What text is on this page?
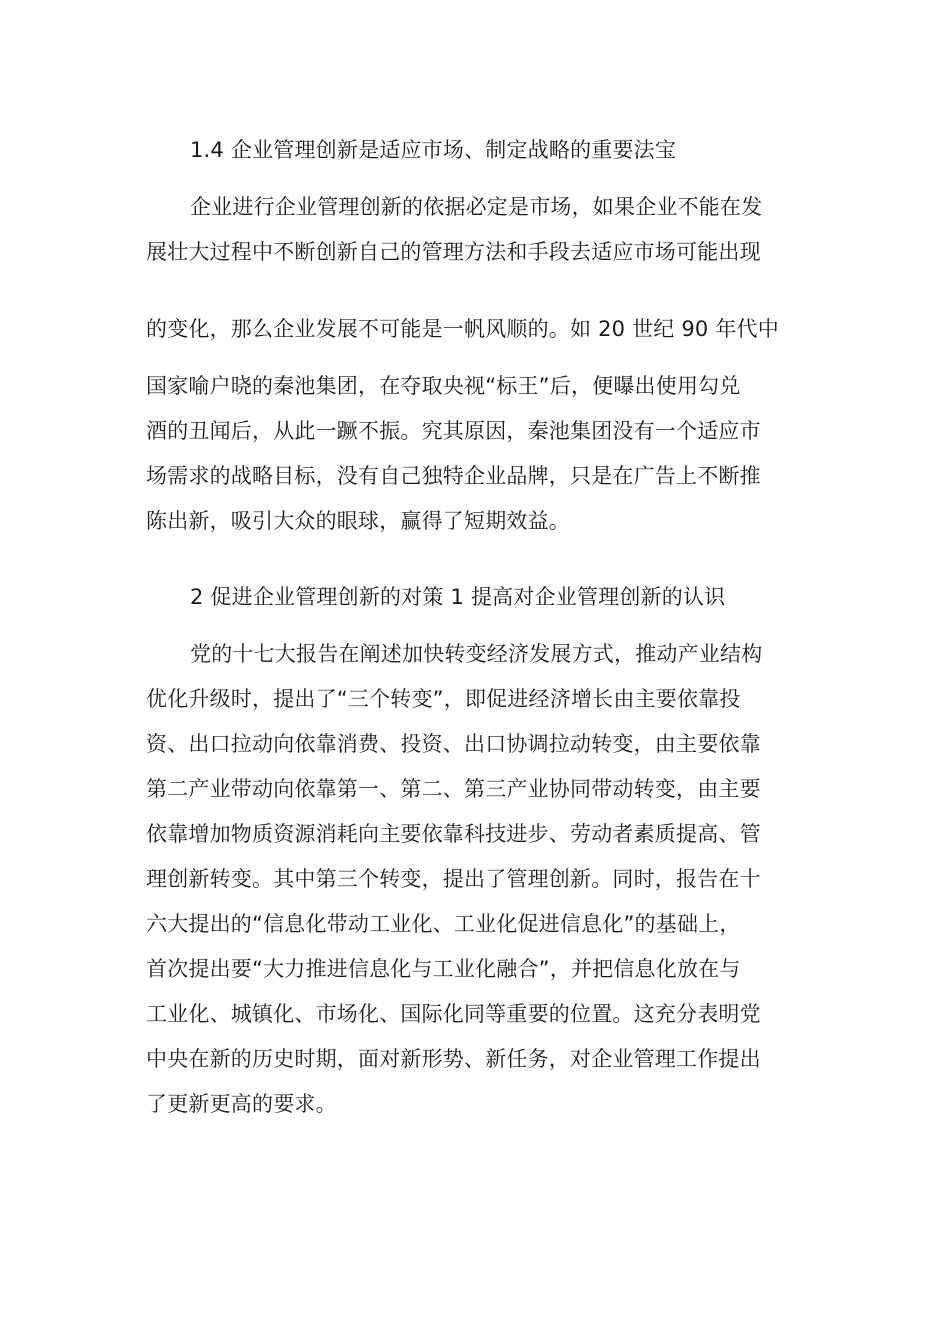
1.4 企业管理创新是适应市场、制定战略的重要法宝
企业进行企业管理创新的依据必定是市场，如果企业不能在发
展壮大过程中不断创新自己的管理方法和手段去适应市场可能出现
的变化，那么企业发展不可能是一帆风顺的。如 20 世纪 90 年代中
国家喻户晓的秦池集团，在夺取央视“标王”后，便曝出使用勾兑
酒的丑闻后，从此一蹶不振。究其原因，秦池集团没有一个适应市
场需求的战略目标，没有自己独特企业品牌，只是在广告上不断推
陈出新，吸引大众的眼球，赢得了短期效益。
2 促进企业管理创新的对策 1 提高对企业管理创新的认识
党的十七大报告在阐述加快转变经济发展方式，推动产业结构
优化升级时，提出了“三个转变”，即促进经济增长由主要依靠投
资、出口拉动向依靠消费、投资、出口协调拉动转变，由主要依靠
第二产业带动向依靠第一、第二、第三产业协同带动转变，由主要
依靠增加物质资源消耗向主要依靠科技进步、劳动者素质提高、管
理创新转变。其中第三个转变，提出了管理创新。同时，报告在十
六大提出的“信息化带动工业化、工业化促进信息化”的基础上，
首次提出要“大力推进信息化与工业化融合”，并把信息化放在与
工业化、城镇化、市场化、国际化同等重要的位置。这充分表明党
中央在新的历史时期，面对新形势、新任务，对企业管理工作提出
了更新更高的要求。
